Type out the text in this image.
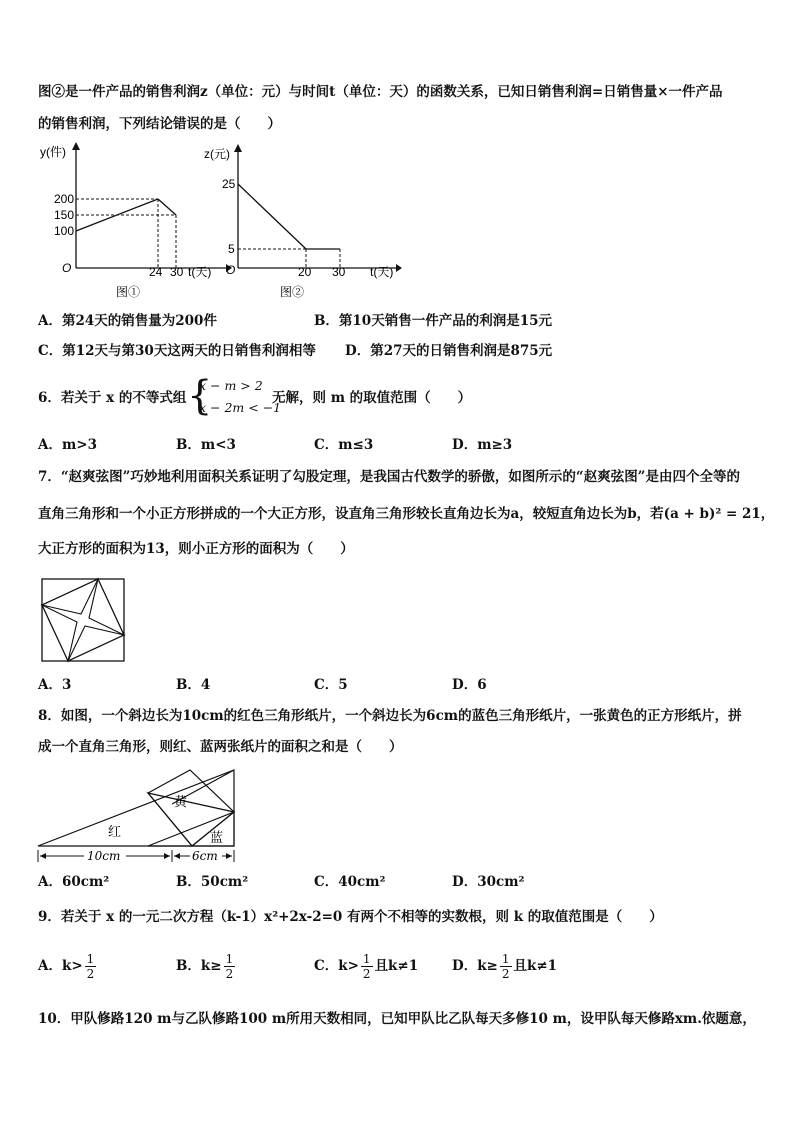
图②是一件产品的销售利润z（单位：元）与时间t（单位：天）的函数关系，已知日销售利润=日销售量×一件产品
的销售利润，下列结论错误的是（　　）
y(件)
200
150
100
O	24 30 t(天)
图①
z(元)
25
5
O	20 30 t(天)
图②
A．第24天的销售量为200件	B．第10天销售一件产品的利润是15元
C．第12天与第30天这两天的日销售利润相等 D．第27天的日销售利润是875元
6．若关于 x 的不等式组 {
x − m > 2
x − 2m < −1
无解，则 m 的取值范围（　　）
A．m>3	B．m<3	C．m≤3	D．m≥3
7．“赵爽弦图”巧妙地利用面积关系证明了勾股定理，是我国古代数学的骄傲，如图所示的“赵爽弦图”是由四个全等的
直角三角形和一个小正方形拼成的一个大正方形，设直角三角形较长直角边长为a，较短直角边长为b，若(a + b)² = 21，
大正方形的面积为13，则小正方形的面积为（　　）
A．3	B．4	C．5	D．6
8．如图，一个斜边长为10cm的红色三角形纸片，一个斜边长为6cm的蓝色三角形纸片，一张黄色的正方形纸片，拼
成一个直角三角形，则红、蓝两张纸片的面积之和是（　　）
黄
红	蓝
10cm	6cm
A．60cm²	B．50cm²	C．40cm²	D．30cm²
9．若关于 x 的一元二次方程（k-1）x²+2x-2=0 有两个不相等的实数根，则 k 的取值范围是（　　）
A．$k> \frac{1}{2}$	B．$k\ge \frac{1}{2}$	C．$k> \frac{1}{2}$ 且k≠1	D．$k\ge \frac{1}{2}$ 且k≠1
10．甲队修路120 m与乙队修路100 m所用天数相同，已知甲队比乙队每天多修10 m，设甲队每天修路xm.依题意，
